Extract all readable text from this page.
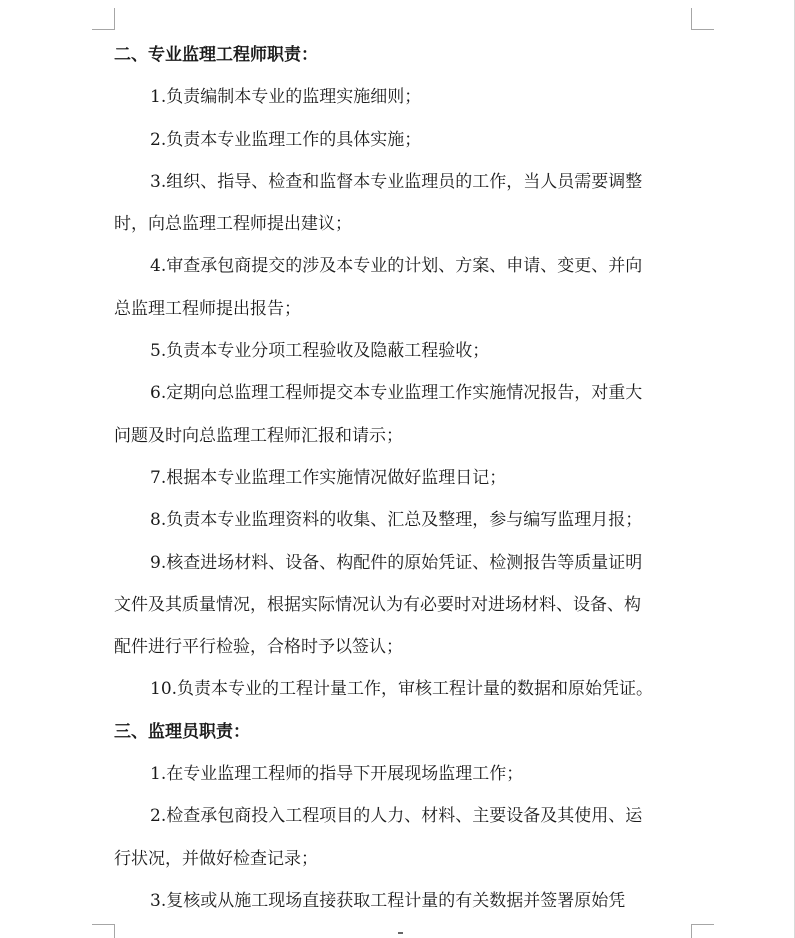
二、专业监理工程师职责：
1.负责编制本专业的监理实施细则；
2.负责本专业监理工作的具体实施；
3.组织、指导、检查和监督本专业监理员的工作，当人员需要调整
时，向总监理工程师提出建议；
4.审查承包商提交的涉及本专业的计划、方案、申请、变更、并向
总监理工程师提出报告；
5.负责本专业分项工程验收及隐蔽工程验收；
6.定期向总监理工程师提交本专业监理工作实施情况报告，对重大
问题及时向总监理工程师汇报和请示；
7.根据本专业监理工作实施情况做好监理日记；
8.负责本专业监理资料的收集、汇总及整理，参与编写监理月报；
9.核查进场材料、设备、构配件的原始凭证、检测报告等质量证明
文件及其质量情况，根据实际情况认为有必要时对进场材料、设备、构
配件进行平行检验，合格时予以签认；
10.负责本专业的工程计量工作，审核工程计量的数据和原始凭证。
三、监理员职责：
1.在专业监理工程师的指导下开展现场监理工作；
2.检查承包商投入工程项目的人力、材料、主要设备及其使用、运
行状况，并做好检查记录；
3.复核或从施工现场直接获取工程计量的有关数据并签署原始凭
